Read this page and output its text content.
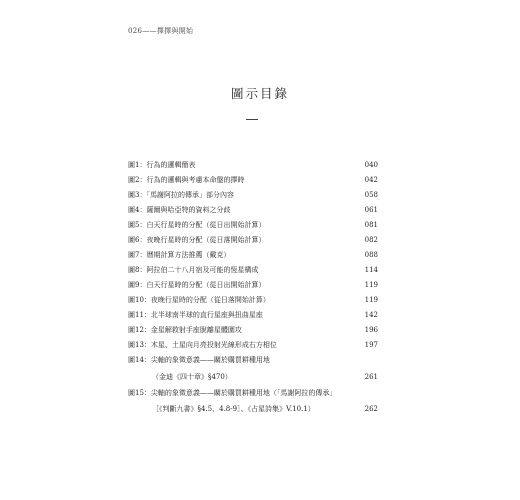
026——擇擇與開始
圖示目錄
圖1：行為的邏輯簡表	040
圖2：行為的邏輯與考慮本命盤的擇時	042
圖3：「馬謝阿拉的傳承」部分內容	058
圖4：薩爾與哈亞特的資料之分歧	061
圖5：白天行星時的分配（從日出開始計算）	081
圖6：夜晚行星時的分配（從日落開始計算）	082
圖7：曆期計算方法推薦（戴克）	088
圖8：阿拉伯二十八月宿及可能的恆星構成	114
圖9：白天行星時的分配（從日出開始計算）	119
圖10：夜晚行星時的分配（從日落開始計算）	119
圖11：北半球南半球的直行星座與扭曲星座	142
圖12：金星解救射手座脫離星體圍攻	196
圖13：木星、土星向月亮投射光線形成右方相位	197
圖14：尖軸的象徵意義——關於購買耕種用地
（金迪《四十章》§470）	261
圖15：尖軸的象徵意義——關於購買耕種用地（「馬謝阿拉的傳承」
［《判斷九書》§4.5、4.8-9］、《占星詩集》V.10.1）	262
